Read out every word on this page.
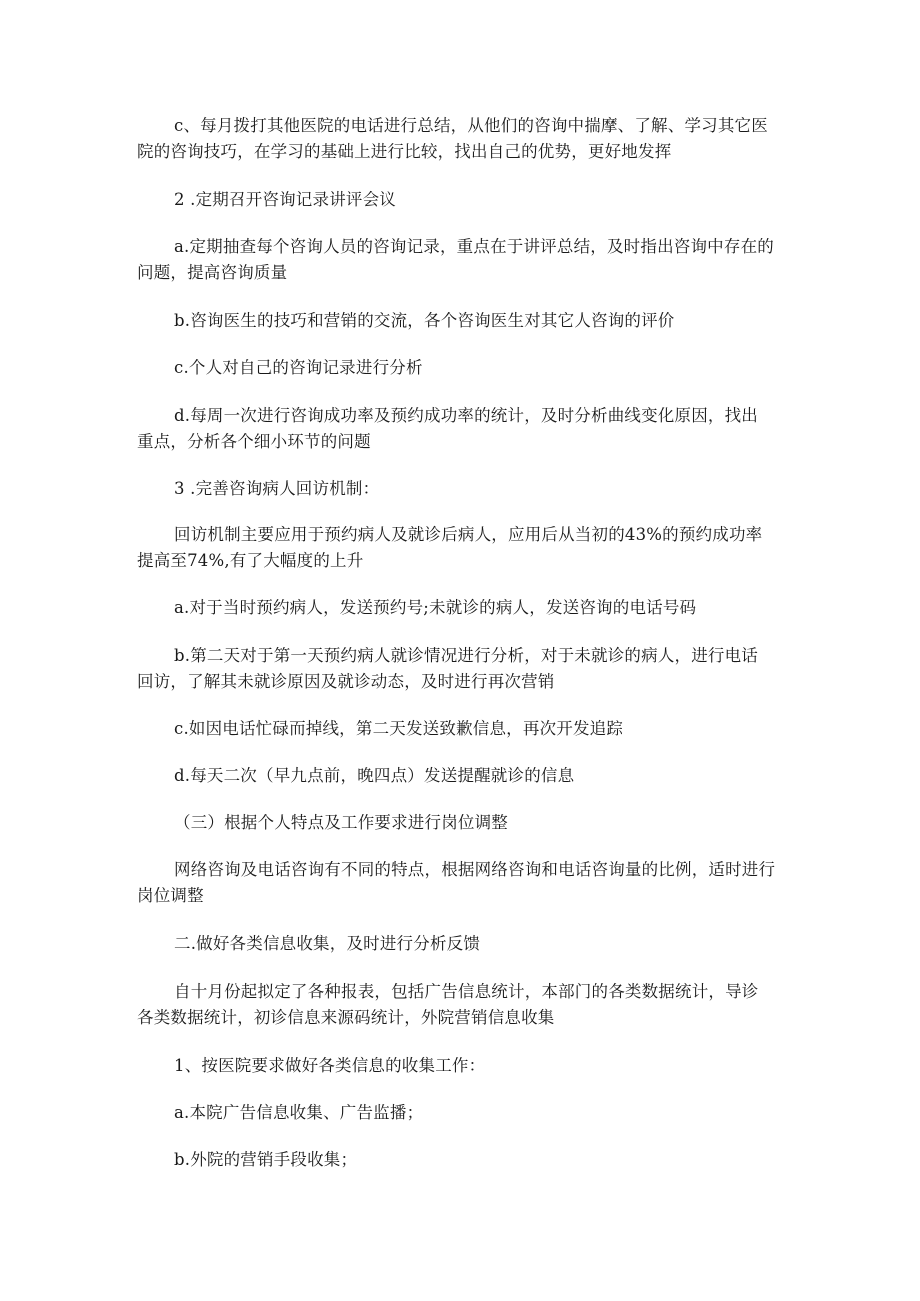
c、每月拨打其他医院的电话进行总结，从他们的咨询中揣摩、了解、学习其它医
院的咨询技巧，在学习的基础上进行比较，找出自己的优势，更好地发挥
2 .定期召开咨询记录讲评会议
a.定期抽查每个咨询人员的咨询记录，重点在于讲评总结，及时指出咨询中存在的
问题，提高咨询质量
b.咨询医生的技巧和营销的交流，各个咨询医生对其它人咨询的评价
c.个人对自己的咨询记录进行分析
d.每周一次进行咨询成功率及预约成功率的统计，及时分析曲线变化原因，找出
重点，分析各个细小环节的问题
3 .完善咨询病人回访机制：
回访机制主要应用于预约病人及就诊后病人，应用后从当初的43%的预约成功率
提高至74%,有了大幅度的上升
a.对于当时预约病人，发送预约号;未就诊的病人，发送咨询的电话号码
b.第二天对于第一天预约病人就诊情况进行分析，对于未就诊的病人，进行电话
回访，了解其未就诊原因及就诊动态，及时进行再次营销
c.如因电话忙碌而掉线，第二天发送致歉信息，再次开发追踪
d.每天二次（早九点前，晚四点）发送提醒就诊的信息
（三）根据个人特点及工作要求进行岗位调整
网络咨询及电话咨询有不同的特点，根据网络咨询和电话咨询量的比例，适时进行
岗位调整
二.做好各类信息收集，及时进行分析反馈
自十月份起拟定了各种报表，包括广告信息统计，本部门的各类数据统计，导诊
各类数据统计，初诊信息来源码统计，外院营销信息收集
1、按医院要求做好各类信息的收集工作：
a.本院广告信息收集、广告监播；
b.外院的营销手段收集；
